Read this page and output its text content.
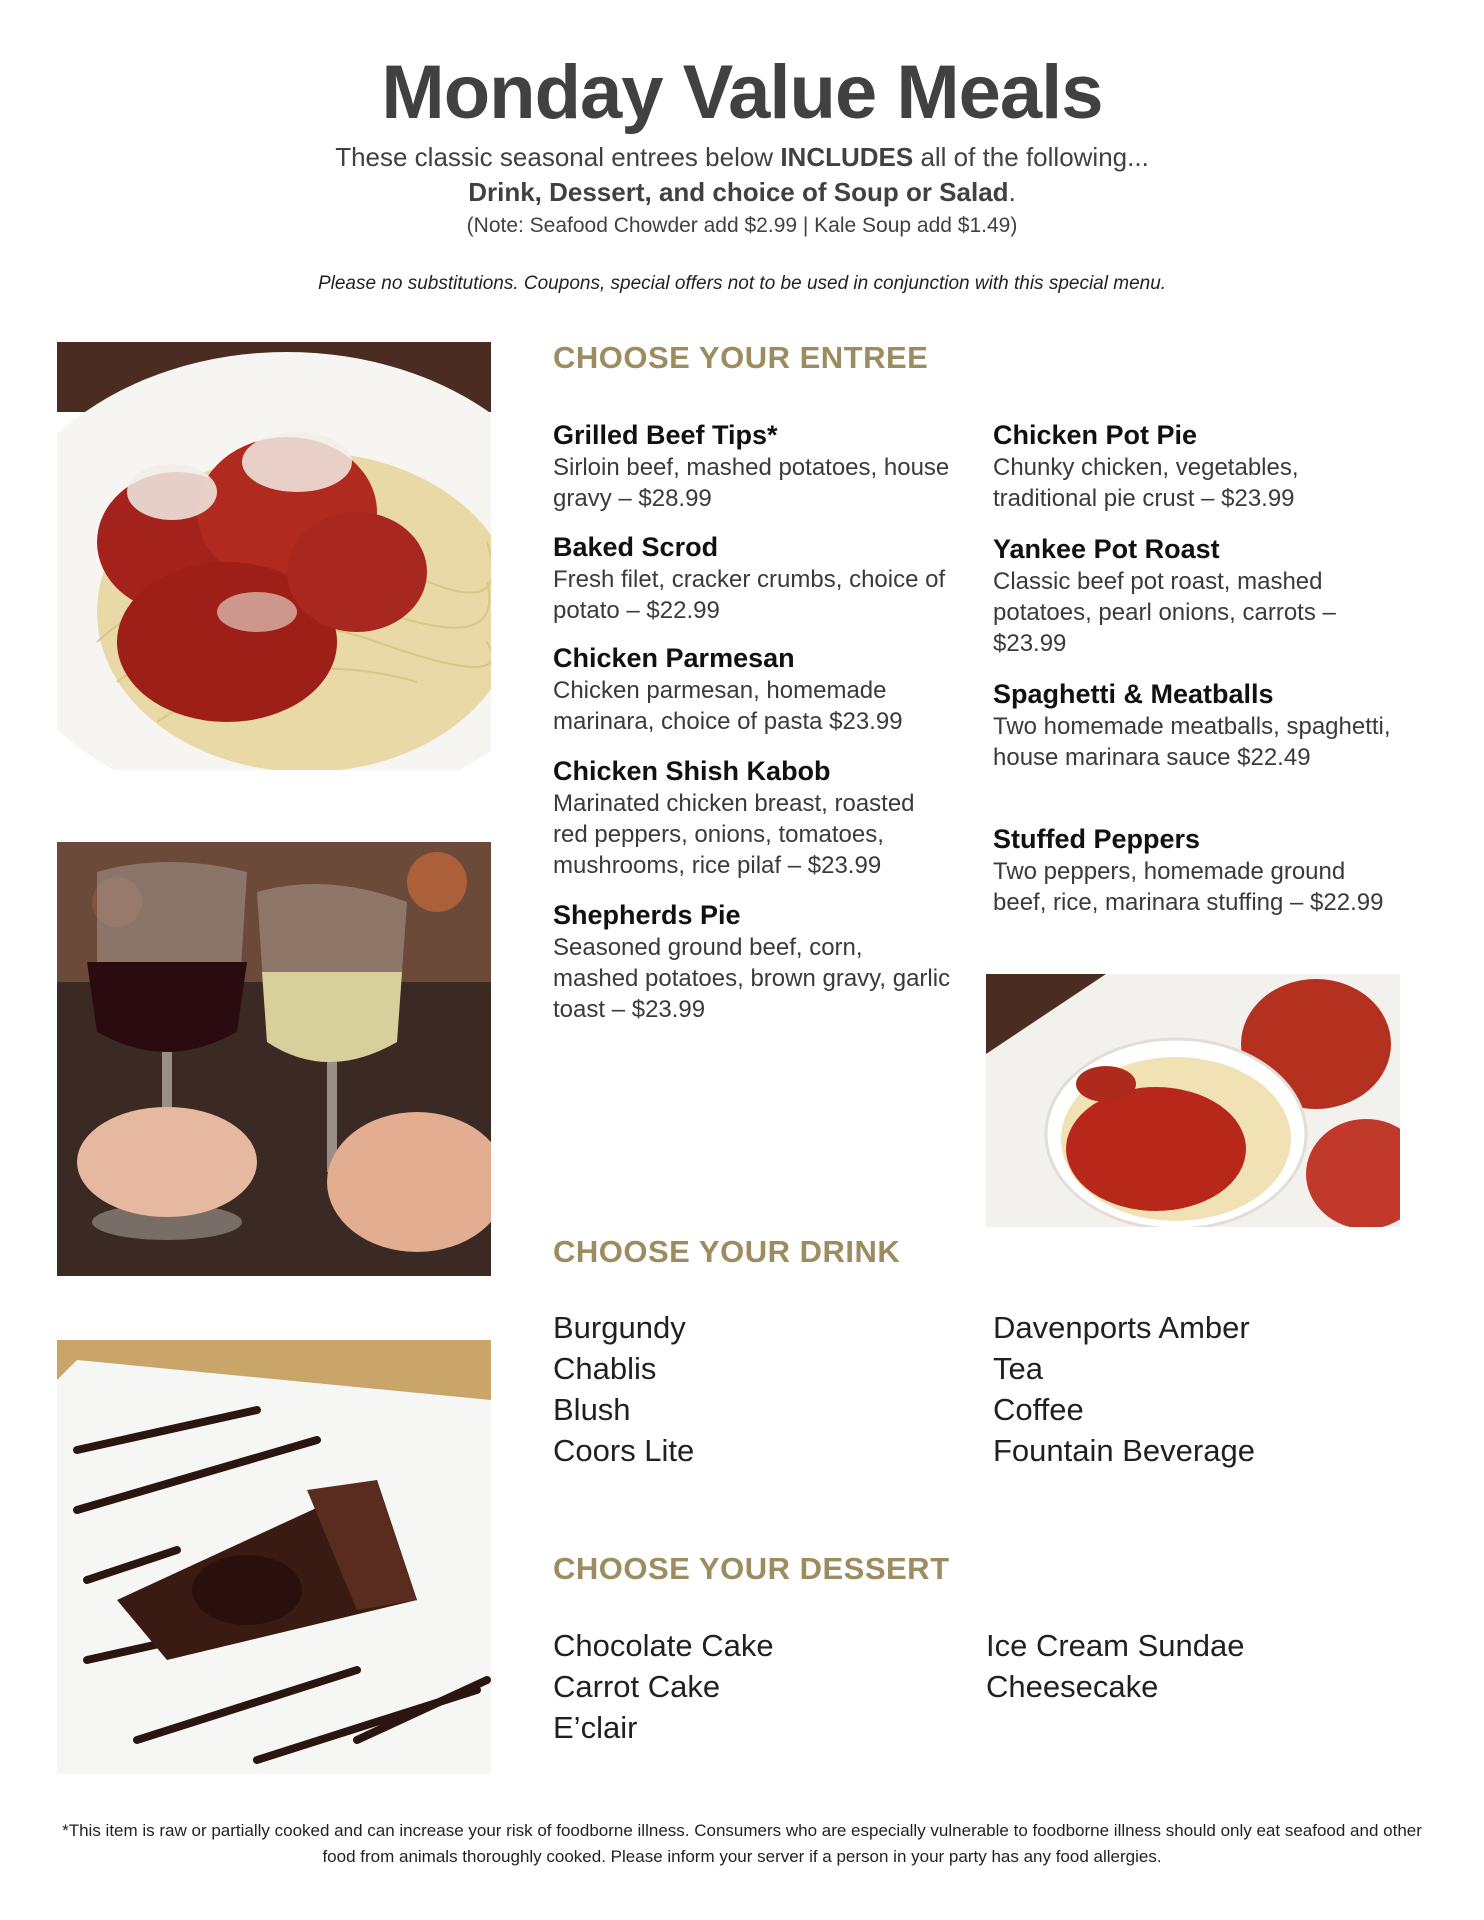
Monday Value Meals
These classic seasonal entrees below INCLUDES all of the following...
Drink, Dessert, and choice of Soup or Salad.
(Note: Seafood Chowder add $2.99 | Kale Soup add $1.49)
Please no substitutions. Coupons, special offers not to be used in conjunction with this special menu.
CHOOSE YOUR ENTREE
Grilled Beef Tips*
Sirloin beef, mashed potatoes, house gravy – $28.99
Baked Scrod
Fresh filet, cracker crumbs, choice of potato – $22.99
Chicken Parmesan
Chicken parmesan, homemade marinara, choice of pasta $23.99
Chicken Shish Kabob
Marinated chicken breast, roasted red peppers, onions, tomatoes, mushrooms, rice pilaf – $23.99
Shepherds Pie
Seasoned ground beef, corn, mashed potatoes, brown gravy, garlic toast – $23.99
Chicken Pot Pie
Chunky chicken, vegetables, traditional pie crust – $23.99
Yankee Pot Roast
Classic beef pot roast, mashed potatoes, pearl onions, carrots – $23.99
Spaghetti & Meatballs
Two homemade meatballs, spaghetti, house marinara sauce $22.49
Stuffed Peppers
Two peppers, homemade ground beef, rice, marinara stuffing – $22.99
CHOOSE YOUR DRINK
Burgundy
Chablis
Blush
Coors Lite
Davenports Amber
Tea
Coffee
Fountain Beverage
CHOOSE YOUR DESSERT
Chocolate Cake
Carrot Cake
E’clair
Ice Cream Sundae
Cheesecake
*This item is raw or partially cooked and can increase your risk of foodborne illness. Consumers who are especially vulnerable to foodborne illness should only eat seafood and other food from animals thoroughly cooked. Please inform your server if a person in your party has any food allergies.
